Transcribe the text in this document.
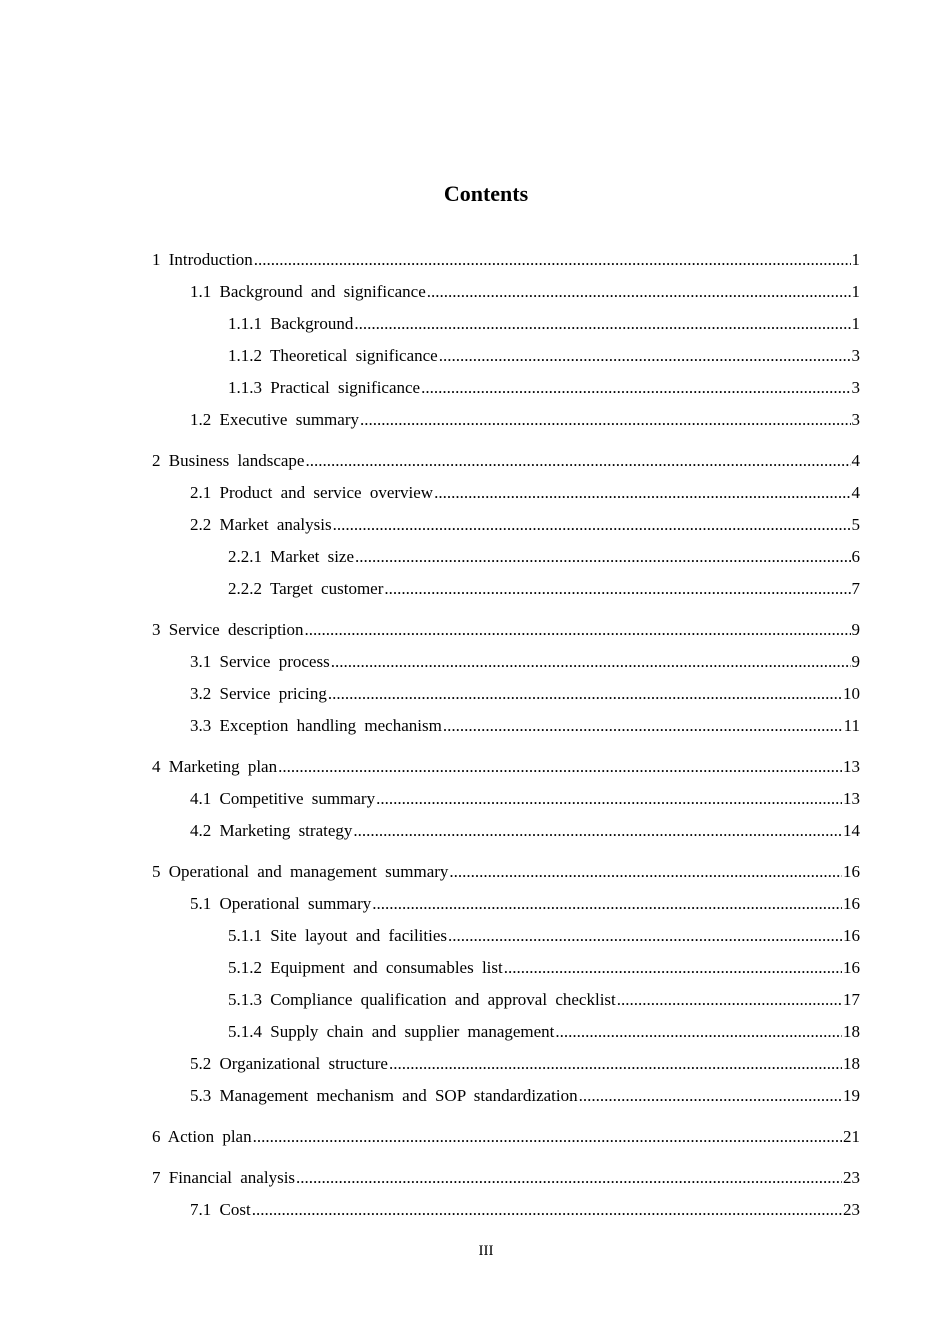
Contents
1 Introduction .....	1
1.1 Background and significance .....	1
1.1.1 Background .....	1
1.1.2 Theoretical significance .....	3
1.1.3 Practical significance .....	3
1.2 Executive summary .....	3
2 Business landscape .....	4
2.1 Product and service overview .....	4
2.2 Market analysis .....	5
2.2.1 Market size .....	6
2.2.2 Target customer .....	7
3 Service description .....	9
3.1 Service process .....	9
3.2 Service pricing .....	10
3.3 Exception handling mechanism .....	11
4 Marketing plan .....	13
4.1 Competitive summary .....	13
4.2 Marketing strategy .....	14
5 Operational and management summary .....	16
5.1 Operational summary .....	16
5.1.1 Site layout and facilities .....	16
5.1.2 Equipment and consumables list .....	16
5.1.3 Compliance qualification and approval checklist .....	17
5.1.4 Supply chain and supplier management .....	18
5.2 Organizational structure .....	18
5.3 Management mechanism and SOP standardization .....	19
6 Action plan .....	21
7 Financial analysis .....	23
7.1 Cost .....	23
III
